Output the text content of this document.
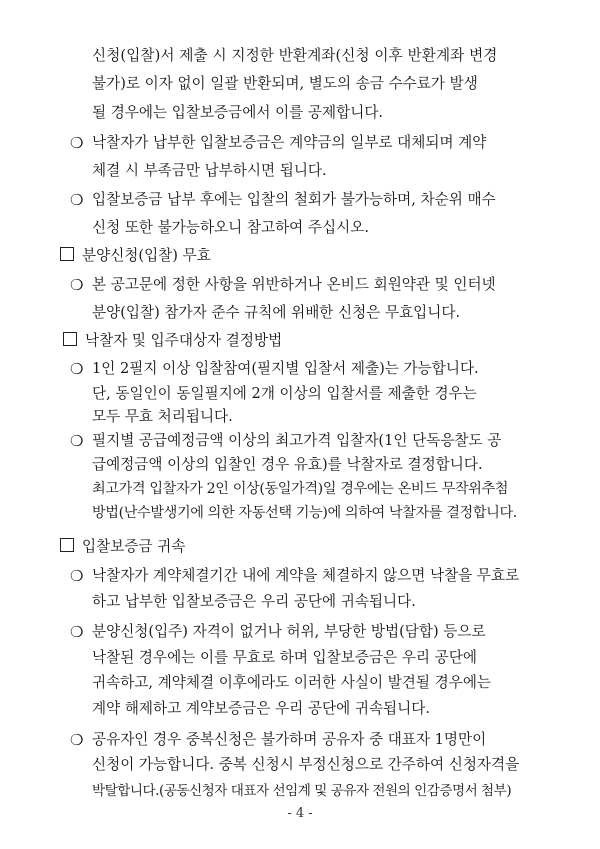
신청(입찰)서 제출 시 지정한 반환계좌(신청 이후 반환계좌 변경
불가)로 이자 없이 일괄 반환되며, 별도의 송금 수수료가 발생
될 경우에는 입찰보증금에서 이를 공제합니다.
❍ 낙찰자가 납부한 입찰보증금은 계약금의 일부로 대체되며 계약
체결 시 부족금만 납부하시면 됩니다.
❍ 입찰보증금 납부 후에는 입찰의 철회가 불가능하며, 차순위 매수
신청 또한 불가능하오니 참고하여 주십시오.
분양신청(입찰) 무효
❍ 본 공고문에 정한 사항을 위반하거나 온비드 회원약관 및 인터넷
분양(입찰) 참가자 준수 규칙에 위배한 신청은 무효입니다.
낙찰자 및 입주대상자 결정방법
❍ 1인 2필지 이상 입찰참여(필지별 입찰서 제출)는 가능합니다.
단, 동일인이 동일필지에 2개 이상의 입찰서를 제출한 경우는
모두 무효 처리됩니다.
❍ 필지별 공급예정금액 이상의 최고가격 입찰자(1인 단독응찰도 공
급예정금액 이상의 입찰인 경우 유효)를 낙찰자로 결정합니다.
최고가격 입찰자가 2인 이상(동일가격)일 경우에는 온비드 무작위추첨
방법(난수발생기에 의한 자동선택 기능)에 의하여 낙찰자를 결정합니다.
입찰보증금 귀속
❍ 낙찰자가 계약체결기간 내에 계약을 체결하지 않으면 낙찰을 무효로
하고 납부한 입찰보증금은 우리 공단에 귀속됩니다.
❍ 분양신청(입주) 자격이 없거나 허위, 부당한 방법(담합) 등으로
낙찰된 경우에는 이를 무효로 하며 입찰보증금은 우리 공단에
귀속하고, 계약체결 이후에라도 이러한 사실이 발견될 경우에는
계약 해제하고 계약보증금은 우리 공단에 귀속됩니다.
❍ 공유자인 경우 중복신청은 불가하며 공유자 중 대표자 1명만이
신청이 가능합니다. 중복 신청시 부정신청으로 간주하여 신청자격을
박탈합니다.(공동신청자 대표자 선임계 및 공유자 전원의 인감증명서 첨부)
- 4 -
